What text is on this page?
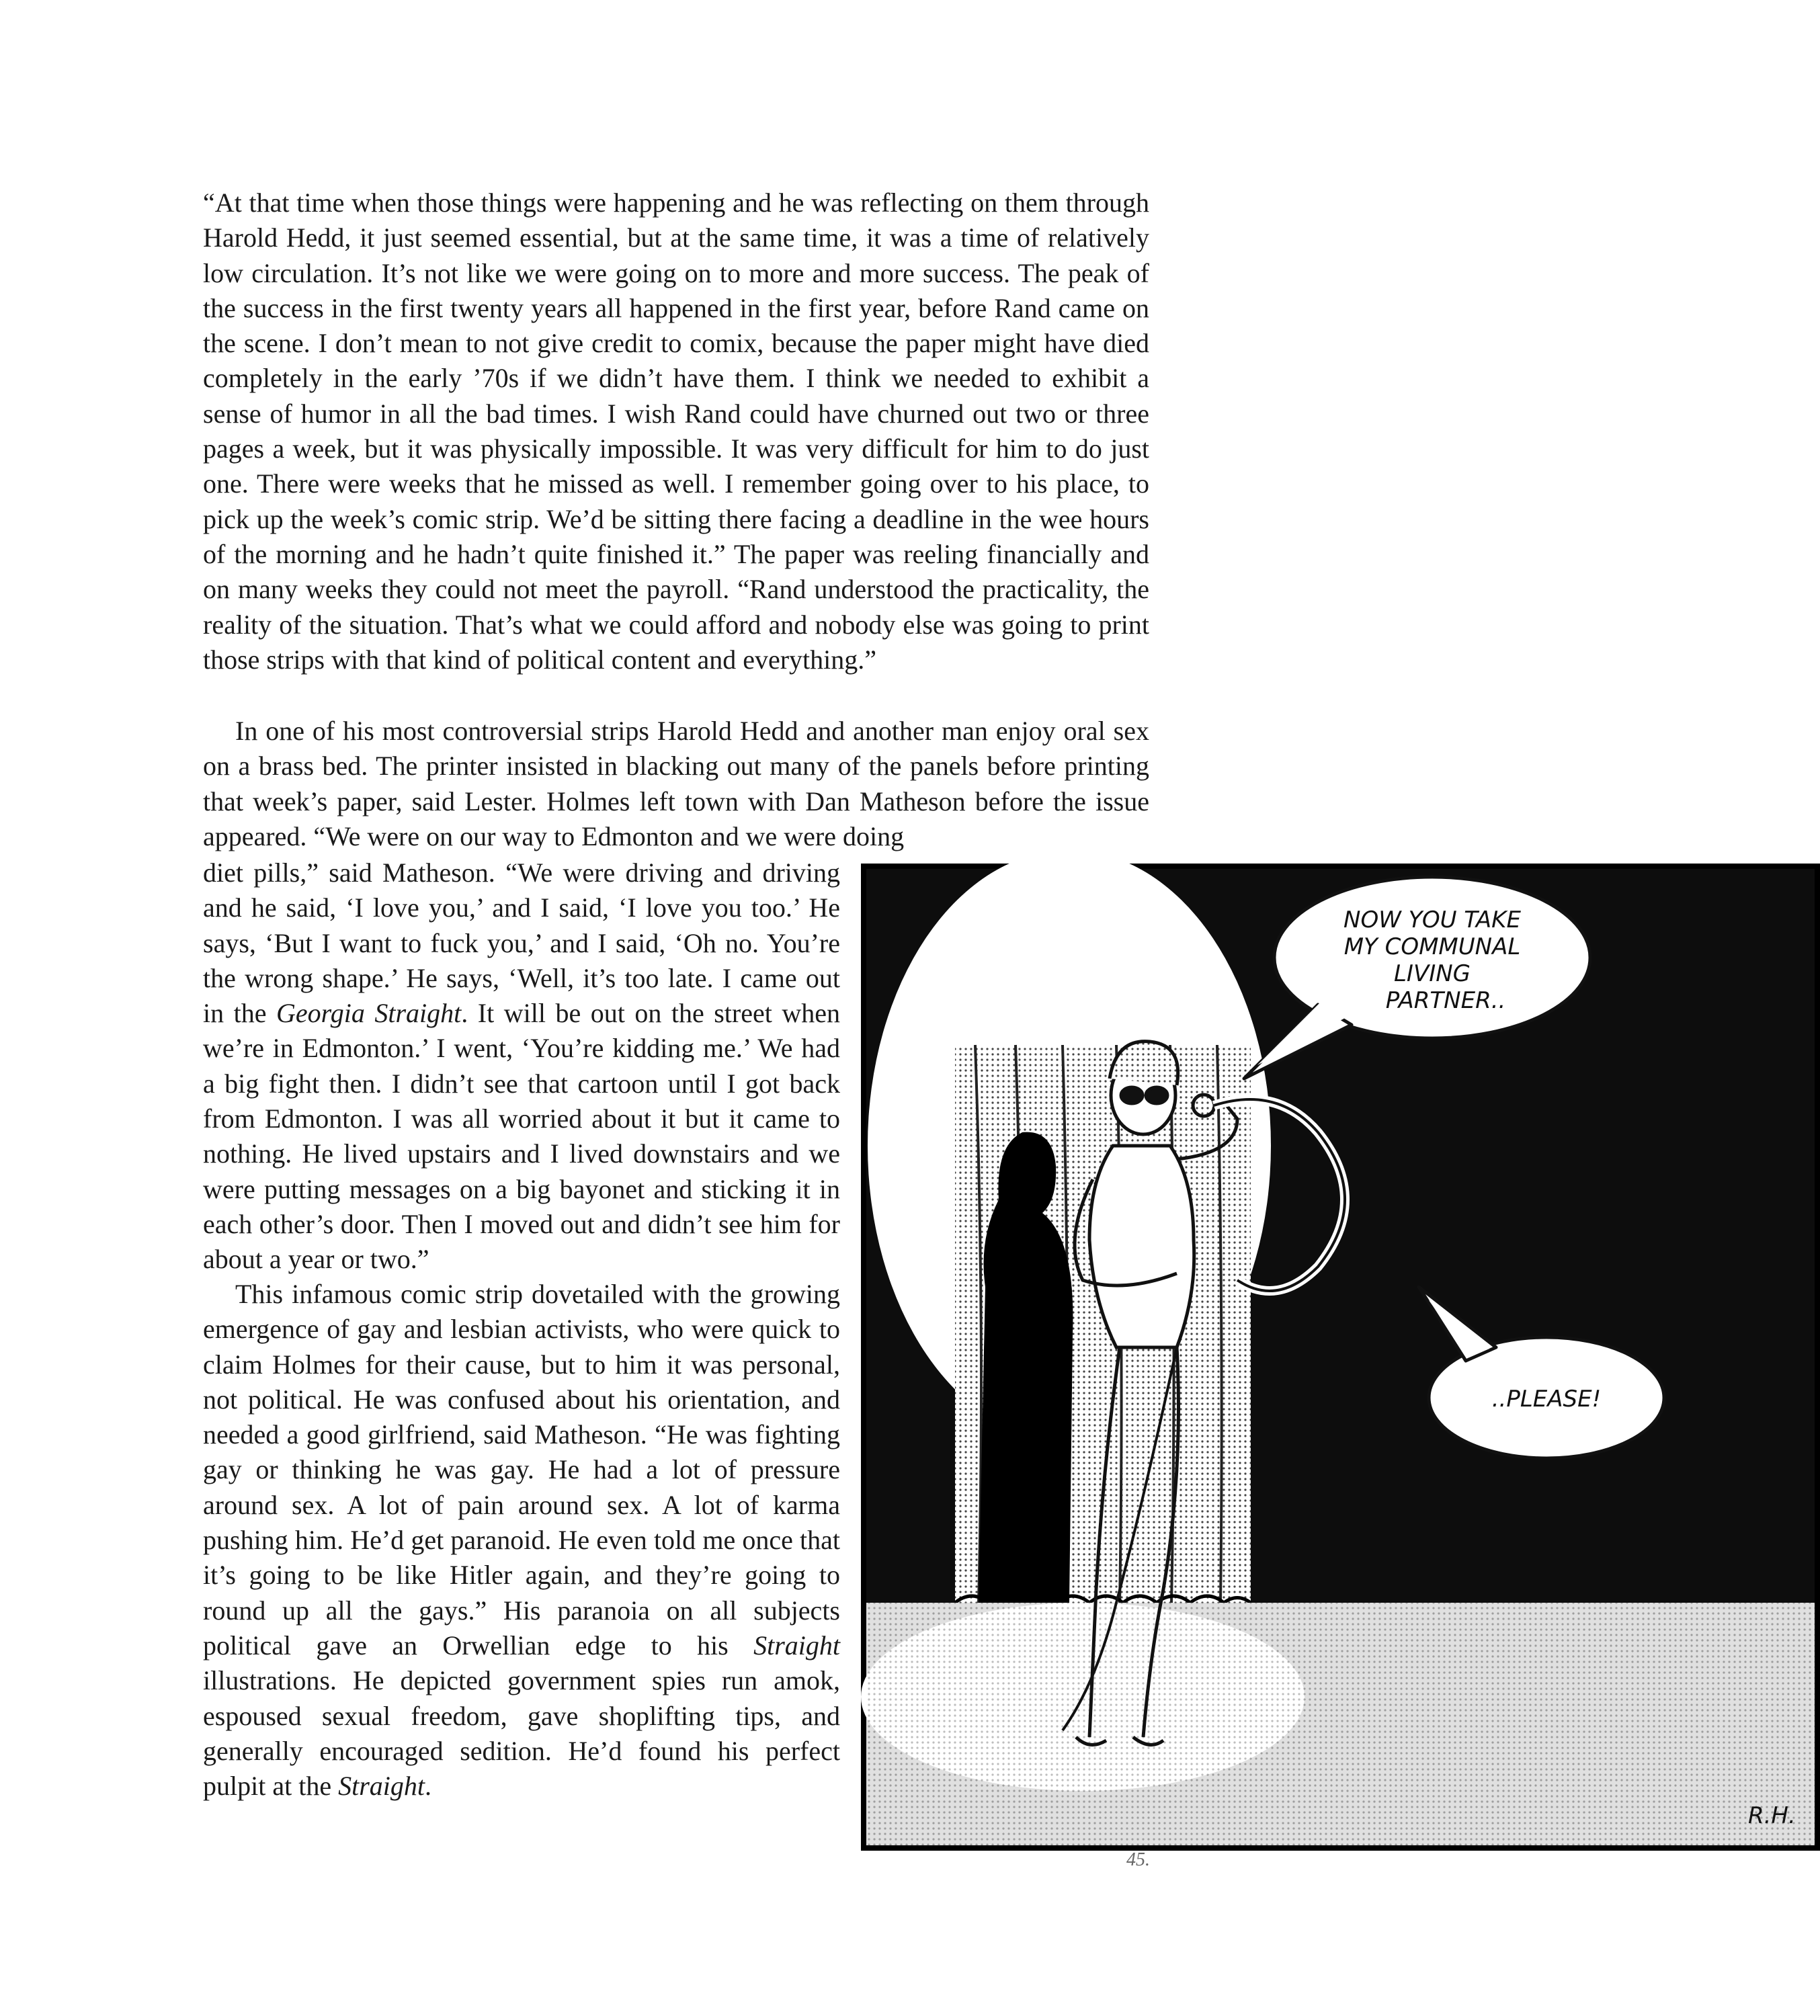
“At that time when those things were happening and he was reflecting on them through Harold Hedd, it just seemed essential, but at the same time, it was a time of relatively low circulation. It’s not like we were going on to more and more success. The peak of the success in the first twenty years all happened in the first year, before Rand came on the scene. I don’t mean to not give credit to comix, because the paper might have died completely in the early ’70s if we didn’t have them. I think we needed to exhibit a sense of humor in all the bad times. I wish Rand could have churned out two or three pages a week, but it was physically impossible. It was very difficult for him to do just one. There were weeks that he missed as well. I remember going over to his place, to pick up the week’s comic strip. We’d be sitting there facing a deadline in the wee hours of the morning and he hadn’t quite finished it.” The paper was reeling financially and on many weeks they could not meet the payroll. “Rand understood the practicality, the reality of the situation. That’s what we could afford and nobody else was going to print those strips with that kind of political content and everything.”

In one of his most controversial strips Harold Hedd and another man enjoy oral sex on a brass bed. The printer insisted in blacking out many of the panels before printing that week’s paper, said Lester. Holmes left town with Dan Matheson before the issue appeared. “We were on our way to Edmonton and we were doing

diet pills,” said Matheson. “We were driving and driving and he said, ‘I love you,’ and I said, ‘I love you too.’ He says, ‘But I want to fuck you,’ and I said, ‘Oh no. You’re the wrong shape.’ He says, ‘Well, it’s too late. I came out in the Georgia Straight. It will be out on the street when we’re in Edmonton.’ I went, ‘You’re kidding me.’ We had a big fight then. I didn’t see that cartoon until I got back from Edmonton. I was all worried about it but it came to nothing. He lived upstairs and I lived downstairs and we were putting messages on a big bayonet and sticking it in each other’s door. Then I moved out and didn’t see him for about a year or two.”

This infamous comic strip dovetailed with the growing emergence of gay and lesbian activists, who were quick to claim Holmes for their cause, but to him it was personal, not political. He was confused about his orientation, and needed a good girlfriend, said Matheson. “He was fighting gay or thinking he was gay. He had a lot of pressure around sex. A lot of pain around sex. A lot of karma pushing him. He’d get paranoid. He even told me once that it’s going to be like Hitler again, and they’re going to round up all the gays.” His paranoia on all subjects political gave an Orwellian edge to his Straight illustrations. He depicted government spies run amok, espoused sexual freedom, gave shoplifting tips, and generally encouraged sedition. He’d found his perfect pulpit at the Straight.

NOW YOU TAKE
MY COMMUNAL
LIVING
PARTNER..
..PLEASE!
R.H.
45.
